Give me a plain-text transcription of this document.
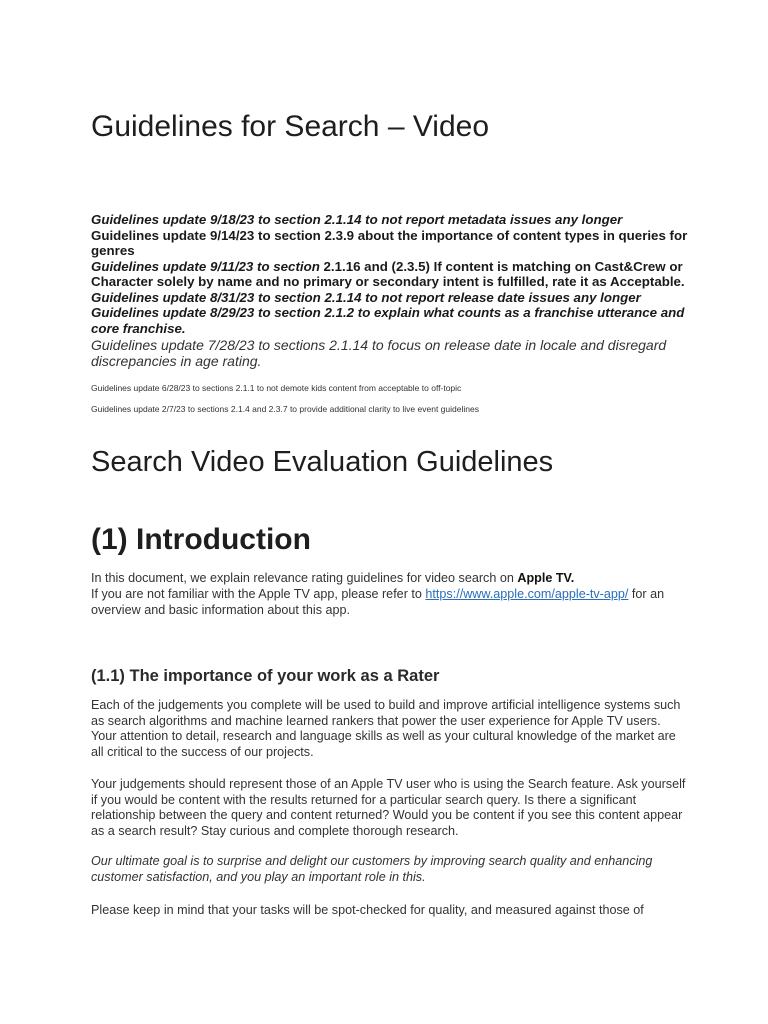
Guidelines for Search – Video

Guidelines update 9/18/23 to section 2.1.14 to not report metadata issues any longer

Guidelines update 9/14/23 to section 2.3.9 about the importance of content types in queries for genres

Guidelines update 9/11/23 to section 2.1.16 and (2.3.5) If content is matching on Cast&Crew or Character solely by name and no primary or secondary intent is fulfilled, rate it as Acceptable.

Guidelines update 8/31/23 to section 2.1.14 to not report release date issues any longer

Guidelines update 8/29/23 to section 2.1.2 to explain what counts as a franchise utterance and core franchise.

Guidelines update 7/28/23 to sections 2.1.14 to focus on release date in locale and disregard discrepancies in age rating.

Guidelines update 6/28/23 to sections 2.1.1 to not demote kids content from acceptable to off-topic

Guidelines update 2/7/23 to sections 2.1.4 and 2.3.7 to provide additional clarity to live event guidelines

Search Video Evaluation Guidelines
(1) Introduction

In this document, we explain relevance rating guidelines for video search on Apple TV.
If you are not familiar with the Apple TV app, please refer to https://www.apple.com/apple-tv-app/ for an overview and basic information about this app.

(1.1) The importance of your work as a Rater

Each of the judgements you complete will be used to build and improve artificial intelligence systems such as search algorithms and machine learned rankers that power the user experience for Apple TV users. Your attention to detail, research and language skills as well as your cultural knowledge of the market are all critical to the success of our projects.

Your judgements should represent those of an Apple TV user who is using the Search feature. Ask yourself if you would be content with the results returned for a particular search query. Is there a significant relationship between the query and content returned? Would you be content if you see this content appear as a search result? Stay curious and complete thorough research.

Our ultimate goal is to surprise and delight our customers by improving search quality and enhancing customer satisfaction, and you play an important role in this.

Please keep in mind that your tasks will be spot-checked for quality, and measured against those of
